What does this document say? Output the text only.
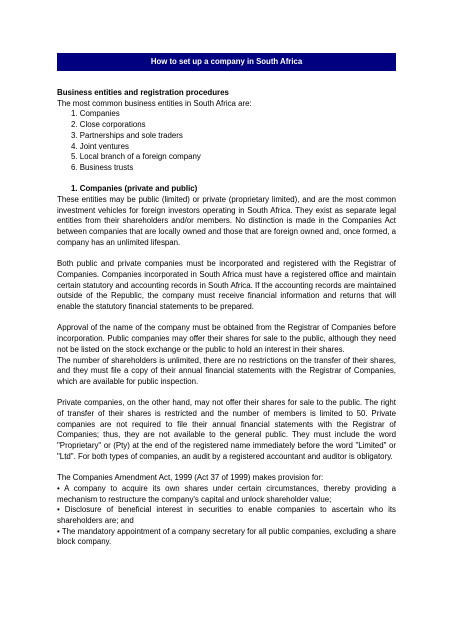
How to set up a company in South Africa

Business entities and registration procedures

The most common business entities in South Africa are:

1. Companies
2. Close corporations
3. Partnerships and sole traders
4. Joint ventures
5. Local branch of a foreign company
6. Business trusts

1. Companies (private and public)

These entities may be public (limited) or private (proprietary limited), and are the most common investment vehicles for foreign investors operating in South Africa. They exist as separate legal entities from their shareholders and/or members. No distinction is made in the Companies Act between companies that are locally owned and those that are foreign owned and, once formed, a company has an unlimited lifespan.

Both public and private companies must be incorporated and registered with the Registrar of Companies. Companies incorporated in South Africa must have a registered office and maintain certain statutory and accounting records in South Africa. If the accounting records are maintained outside of the Republic, the company must receive financial information and returns that will enable the statutory financial statements to be prepared.

Approval of the name of the company must be obtained from the Registrar of Companies before incorporation. Public companies may offer their shares for sale to the public, although they need not be listed on the stock exchange or the public to hold an interest in their shares.

The number of shareholders is unlimited, there are no restrictions on the transfer of their shares, and they must file a copy of their annual financial statements with the Registrar of Companies, which are available for public inspection.

Private companies, on the other hand, may not offer their shares for sale to the public. The right of transfer of their shares is restricted and the number of members is limited to 50. Private companies are not required to file their annual financial statements with the Registrar of Companies; thus, they are not available to the general public. They must include the word "Proprietary" or (Pty) at the end of the registered name immediately before the word "Limited" or "Ltd". For both types of companies, an audit by a registered accountant and auditor is obligatory.

The Companies Amendment Act, 1999 (Act 37 of 1999) makes provision for:

• A company to acquire its own shares under certain circumstances, thereby providing a mechanism to restructure the company's capital and unlock shareholder value;

• Disclosure of beneficial interest in securities to enable companies to ascertain who its shareholders are; and

• The mandatory appointment of a company secretary for all public companies, excluding a share block company.
